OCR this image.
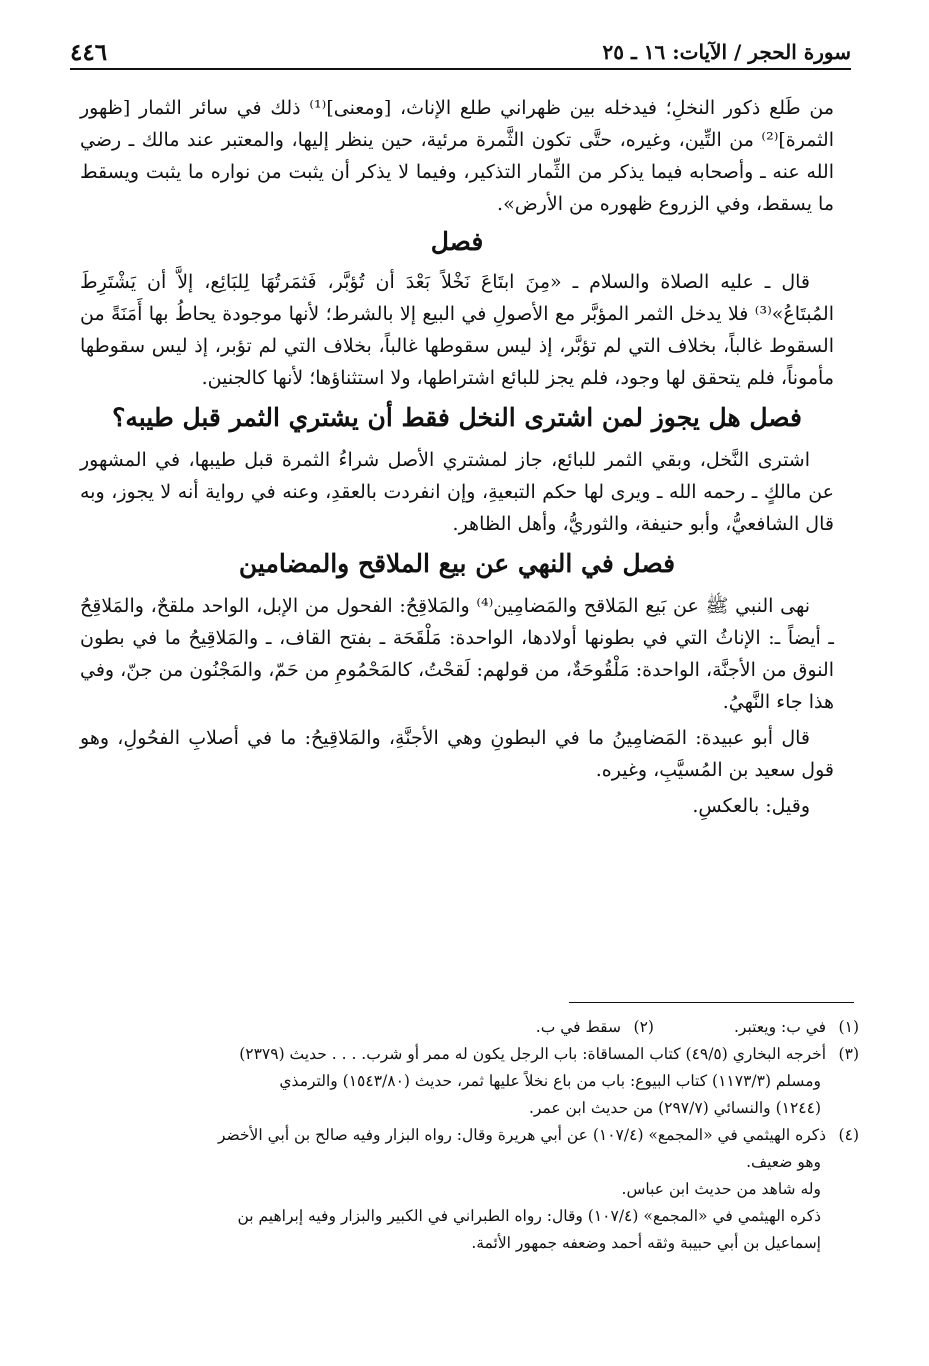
سورة الحجر / الآيات: ١٦ ـ ٢٥
٤٤٦

من طَلع ذكور النخلِ؛ فيدخله بين ظهراني طلع الإناث، [ومعنى]⁽¹⁾ ذلك في سائر الثمار [ظهور الثمرة]⁽²⁾ من التِّين، وغيره، حتَّى تكون الثَّمرة مرئية، حين ينظر إليها، والمعتبر عند مالك ـ رضي الله عنه ـ وأصحابه فيما يذكر من الثِّمار التذكير، وفيما لا يذكر أن يثبت من نواره ما يثبت ويسقط ما يسقط، وفي الزروع ظهوره من الأرض».

فصل

قال ـ عليه الصلاة والسلام ـ «مِنَ ابتَاعَ نَخْلاً بَعْدَ أن تُؤبَّر، فَثمَرتُهَا لِلبَائِع، إلاَّ أن يَشْتَرِطَ المُبتَاعُ»⁽³⁾ فلا يدخل الثمر المؤبَّر مع الأصولِ في البيع إلا بالشرط؛ لأنها موجودة يحاطُ بها أَمَنَةً من السقوط غالباً، بخلاف التي لم تؤبَّر، إذ ليس سقوطها غالباً، بخلاف التي لم تؤبر، إذ ليس سقوطها مأموناً، فلم يتحقق لها وجود، فلم يجز للبائع اشتراطها، ولا استثناؤها؛ لأنها كالجنين.

فصل هل يجوز لمن اشترى النخل فقط أن يشتري الثمر قبل طيبه؟

اشترى النَّخل، وبقي الثمر للبائع، جاز لمشتري الأصل شراءُ الثمرة قبل طيبها، في المشهور عن مالكٍ ـ رحمه الله ـ ويرى لها حكم التبعيةِ، وإن انفردت بالعقدِ، وعنه في رواية أنه لا يجوز، وبه قال الشافعيُّ، وأبو حنيفة، والثوريُّ، وأهل الظاهر.

فصل في النهي عن بيع الملاقح والمضامين

نهى النبي ﷺ عن بَيع المَلاقح والمَضامِين⁽⁴⁾ والمَلاقِحُ: الفحول من الإبل، الواحد ملقحٌ، والمَلاقِحُ ـ أيضاً ـ: الإناثُ التي في بطونها أولادها، الواحدة: مَلْقَحَة ـ بفتح القاف، ـ والمَلاقِيحُ ما في بطون النوق من الأجنَّة، الواحدة: مَلْقُوحَةٌ، من قولهم: لَقحْتُ، كالمَحْمُومِ من حَمّ، والمَجْنُون من جنّ، وفي هذا جاء النَّهيُ.

قال أبو عبيدة: المَضامِينُ ما في البطونِ وهي الأجنَّةِ، والمَلاقِيحُ: ما في أصلابِ الفحُولِ، وهو قول سعيد بن المُسيَّبِ، وغيره.

وقيل: بالعكسِ.

(١) في ب: ويعتبر.

(٢) سقط في ب.

(٣) أخرجه البخاري (٤٩/٥) كتاب المساقاة: باب الرجل يكون له ممر أو شرب. . . . حديث (٢٣٧٩)

ومسلم (١١٧٣/٣) كتاب البيوع: باب من باع نخلاً عليها ثمر، حديث (١٥٤٣/٨٠) والترمذي

(١٢٤٤) والنسائي (٢٩٧/٧) من حديث ابن عمر.

(٤) ذكره الهيثمي في «المجمع» (١٠٧/٤) عن أبي هريرة وقال: رواه البزار وفيه صالح بن أبي الأخضر

وهو ضعيف.

وله شاهد من حديث ابن عباس.

ذكره الهيثمي في «المجمع» (١٠٧/٤) وقال: رواه الطبراني في الكبير والبزار وفيه إبراهيم بن

إسماعيل بن أبي حبيبة وثقه أحمد وضعفه جمهور الأئمة.
